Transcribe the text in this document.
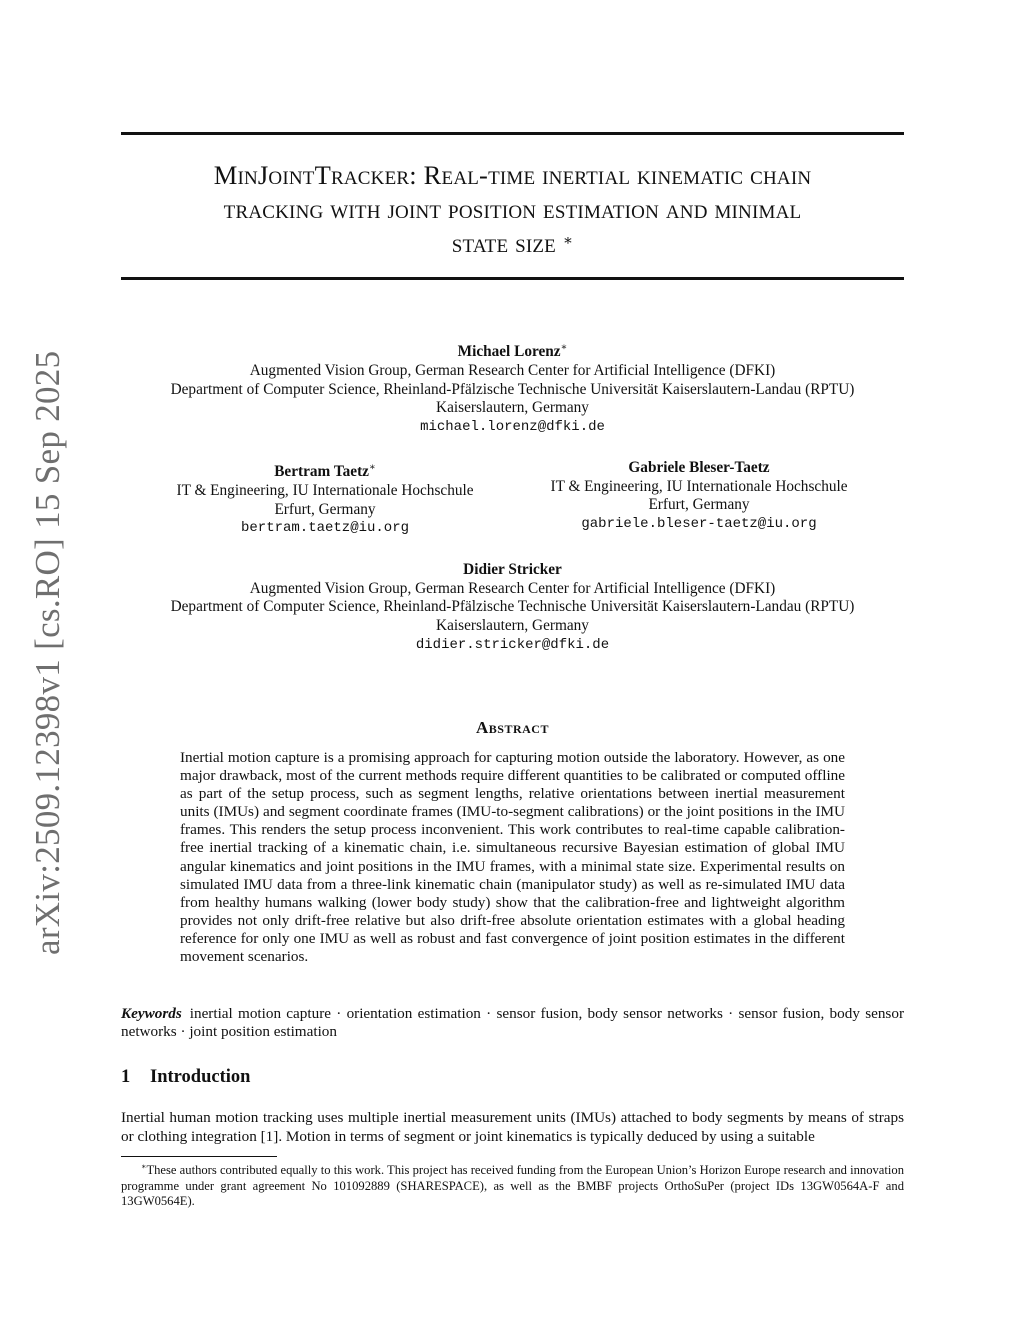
arXiv:2509.12398v1 [cs.RO] 15 Sep 2025
MinJointTracker: Real-time inertial kinematic chain
tracking with joint position estimation and minimal
state size ∗
Michael Lorenz∗
Augmented Vision Group, German Research Center for Artificial Intelligence (DFKI)
Department of Computer Science, Rheinland-Pfälzische Technische Universität Kaiserslautern-Landau (RPTU)
Kaiserslautern, Germany
michael.lorenz@dfki.de
Bertram Taetz∗
IT & Engineering, IU Internationale Hochschule
Erfurt, Germany
bertram.taetz@iu.org
Gabriele Bleser-Taetz
IT & Engineering, IU Internationale Hochschule
Erfurt, Germany
gabriele.bleser-taetz@iu.org
Didier Stricker
Augmented Vision Group, German Research Center for Artificial Intelligence (DFKI)
Department of Computer Science, Rheinland-Pfälzische Technische Universität Kaiserslautern-Landau (RPTU)
Kaiserslautern, Germany
didier.stricker@dfki.de
Abstract
Inertial motion capture is a promising approach for capturing motion outside the laboratory. However, as one major drawback, most of the current methods require different quantities to be calibrated or computed offline as part of the setup process, such as segment lengths, relative orientations between inertial measurement units (IMUs) and segment coordinate frames (IMU-to-segment calibrations) or the joint positions in the IMU frames. This renders the setup process inconvenient. This work contributes to real-time capable calibration-free inertial tracking of a kinematic chain, i.e. simultaneous recursive Bayesian estimation of global IMU angular kinematics and joint positions in the IMU frames, with a minimal state size. Experimental results on simulated IMU data from a three-link kinematic chain (manipulator study) as well as re-simulated IMU data from healthy humans walking (lower body study) show that the calibration-free and lightweight algorithm provides not only drift-free relative but also drift-free absolute orientation estimates with a global heading reference for only one IMU as well as robust and fast convergence of joint position estimates in the different movement scenarios.
Keywords inertial motion capture · orientation estimation · sensor fusion, body sensor networks · sensor fusion, body sensor networks · joint position estimation
1 Introduction
Inertial human motion tracking uses multiple inertial measurement units (IMUs) attached to body segments by means of straps or clothing integration [1]. Motion in terms of segment or joint kinematics is typically deduced by using a suitable
∗These authors contributed equally to this work. This project has received funding from the European Union’s Horizon Europe research and innovation programme under grant agreement No 101092889 (SHARESPACE), as well as the BMBF projects OrthoSuPer (project IDs 13GW0564A-F and 13GW0564E).
